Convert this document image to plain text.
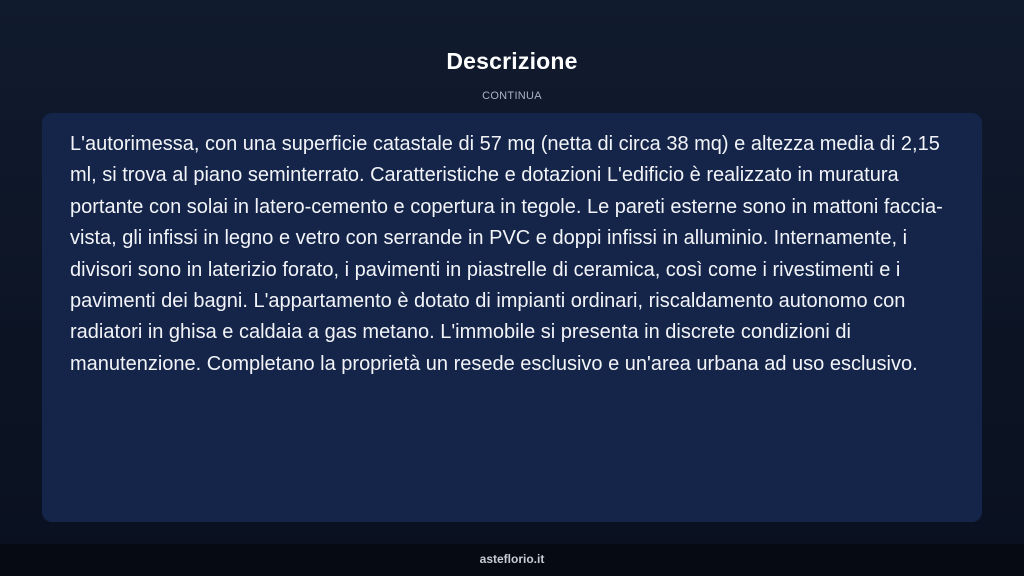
Descrizione
CONTINUA

L'autorimessa, con una superficie catastale di 57 mq (netta di circa 38 mq) e altezza media di 2,15 ml, si trova al piano seminterrato. Caratteristiche e dotazioni L'edificio è realizzato in muratura portante con solai in latero-cemento e copertura in tegole. Le pareti esterne sono in mattoni faccia-vista, gli infissi in legno e vetro con serrande in PVC e doppi infissi in alluminio. Internamente, i divisori sono in laterizio forato, i pavimenti in piastrelle di ceramica, così come i rivestimenti e i pavimenti dei bagni. L'appartamento è dotato di impianti ordinari, riscaldamento autonomo con radiatori in ghisa e caldaia a gas metano. L'immobile si presenta in discrete condizioni di manutenzione. Completano la proprietà un resede esclusivo e un'area urbana ad uso esclusivo.

asteflorio.it
